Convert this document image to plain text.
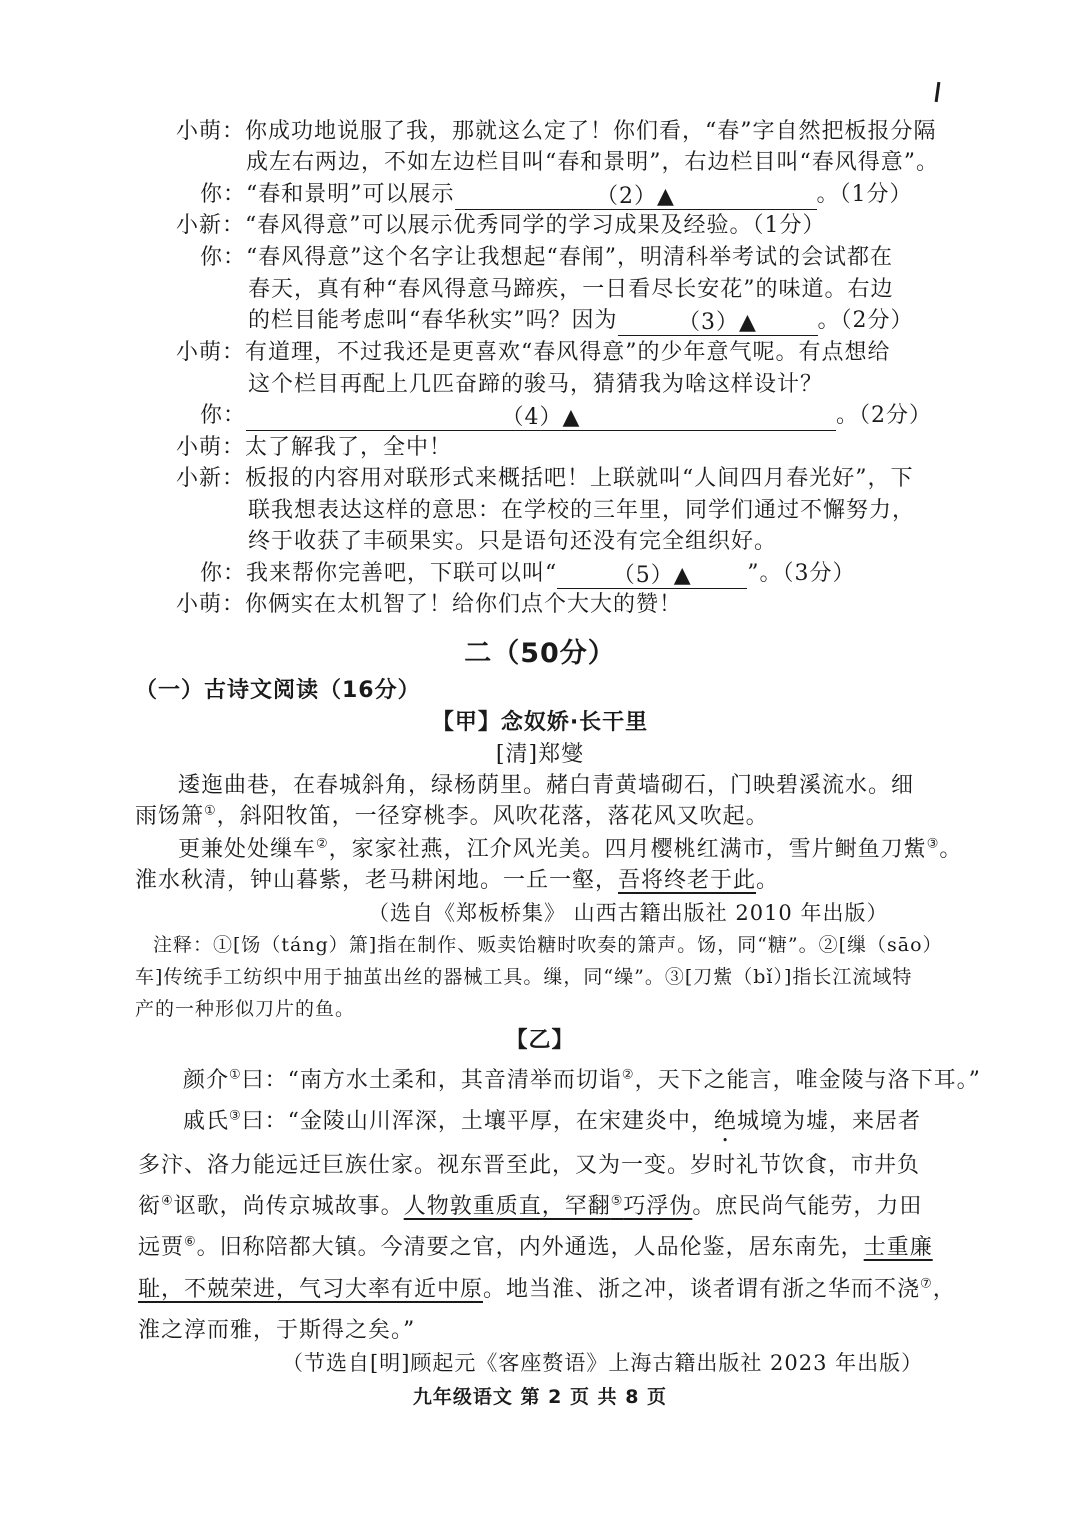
小萌：你成功地说服了我，那就这么定了！你们看，“春”字自然把板报分隔
成左右两边，不如左边栏目叫“春和景明”，右边栏目叫“春风得意”。
你：“春和景明”可以展示	（2）▲	。（1分）
小新：“春风得意”可以展示优秀同学的学习成果及经验。（1分）
你：“春风得意”这个名字让我想起“春闱”，明清科举考试的会试都在
春天，真有种“春风得意马蹄疾，一日看尽长安花”的味道。右边
的栏目能考虑叫“春华秋实”吗？因为	（3）▲	。（2分）
小萌：有道理，不过我还是更喜欢“春风得意”的少年意气呢。有点想给
这个栏目再配上几匹奋蹄的骏马，猜猜我为啥这样设计？
你：	（4）▲	。（2分）
小萌：太了解我了，全中！
小新：板报的内容用对联形式来概括吧！上联就叫“人间四月春光好”，下
联我想表达这样的意思：在学校的三年里，同学们通过不懈努力，
终于收获了丰硕果实。只是语句还没有完全组织好。
你：我来帮你完善吧，下联可以叫“	（5）▲	”。（3分）
小萌：你俩实在太机智了！给你们点个大大的赞！
二（50分）
（一）古诗文阅读（16分）
【甲】念奴娇·长干里
[清]郑燮
逶迤曲巷，在春城斜角，绿杨荫里。赭白青黄墙砌石，门映碧溪流水。细
雨饧箫①，斜阳牧笛，一径穿桃李。风吹花落，落花风又吹起。
更兼处处缫车②，家家社燕，江介风光美。四月樱桃红满市，雪片鲥鱼刀鮆③。
淮水秋清，钟山暮紫，老马耕闲地。一丘一壑，吾将终老于此。
（选自《郑板桥集》 山西古籍出版社 2010 年出版）
注释：①[饧（táng）箫]指在制作、贩卖饴糖时吹奏的箫声。饧，同“糖”。②[缫（sāo）
车]传统手工纺织中用于抽茧出丝的器械工具。缫，同“缲”。③[刀鮆（bǐ）]指长江流域特
产的一种形似刀片的鱼。
【乙】
颜介①曰：“南方水土柔和，其音清举而切诣②，天下之能言，唯金陵与洛下耳。”
戚氏③曰：“金陵山川浑深，土壤平厚，在宋建炎中，绝城境为墟，来居者
多汴、洛力能远迁巨族仕家。视东晋至此，又为一变。岁时礼节饮食，市井负
衒④讴歌，尚传京城故事。人物敦重质直，罕翻⑤巧浮伪。庶民尚气能劳，力田
远贾⑥。旧称陪都大镇。今清要之官，内外通选，人品伦鉴，居东南先，士重廉
耻，不兢荣进，气习大率有近中原。地当淮、浙之冲，谈者谓有浙之华而不浇⑦，
淮之淳而雅，于斯得之矣。”
（节选自[明]顾起元《客座赘语》上海古籍出版社 2023 年出版）
九年级语文 第 2 页 共 8 页
